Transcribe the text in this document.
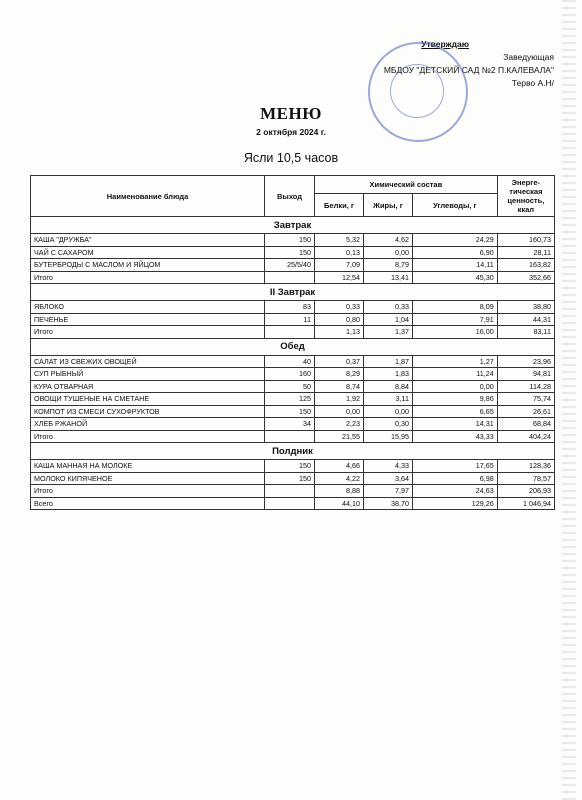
Утверждаю
Заведующая
МБДОУ "ДЕТСКИЙ САД №2 П.КАЛЕВАЛА"
Терво А.Н/
МЕНЮ
2 октября 2024 г.
Ясли 10,5 часов
Наименование блюда	Выход	Химический состав			Энерге-тическая ценность, ккал
		Белки, г	Жиры, г	Углеводы, г	
Завтрак					
КАША "ДРУЖБА"	150	5,32	4,62	24,29	160,73
ЧАЙ С САХАРОМ	150	0,13	0,00	6,90	28,11
БУТЕРБРОДЫ С МАСЛОМ И ЯЙЦОМ	25/5/40	7,09	8,79	14,11	163,82
Итого		12,54	13,41	45,30	352,66
II Завтрак					
ЯБЛОКО	83	0,33	0,33	8,09	38,80
ПЕЧЕНЬЕ	11	0,80	1,04	7,91	44,31
Итого		1,13	1,37	16,00	83,11
Обед					
САЛАТ ИЗ СВЕЖИХ ОВОЩЕЙ	40	0,37	1,87	1,27	23,96
СУП РЫБНЫЙ	160	8,29	1,83	11,24	94,81
КУРА ОТВАРНАЯ	50	8,74	8,84	0,00	114,28
ОВОЩИ ТУШЕНЫЕ НА СМЕТАНЕ	125	1,92	3,11	9,86	75,74
КОМПОТ ИЗ СМЕСИ СУХОФРУКТОВ	150	0,00	0,00	6,65	26,61
ХЛЕБ РЖАНОЙ	34	2,23	0,30	14,31	68,84
Итого		21,55	15,95	43,33	404,24
Полдник					
КАША МАННАЯ НА МОЛОКЕ	150	4,66	4,33	17,65	128,36
МОЛОКО КИПЯЧЕНОЕ	150	4,22	3,64	6,98	78,57
Итого		8,88	7,97	24,63	206,93
Всего		44,10	38,70	129,26	1 046,94
